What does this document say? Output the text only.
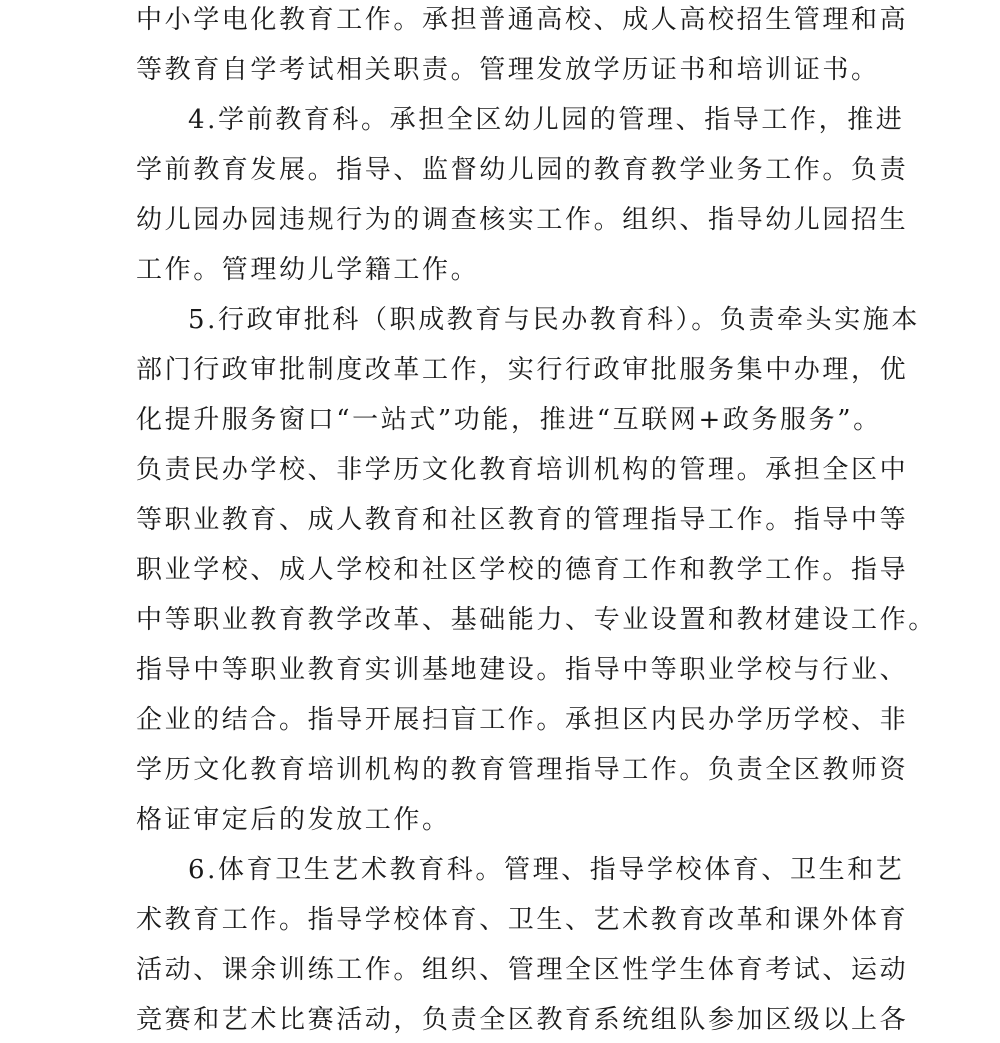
中小学电化教育工作。承担普通高校、成人高校招生管理和高
等教育自学考试相关职责。管理发放学历证书和培训证书。
4.学前教育科。承担全区幼儿园的管理、指导工作，推进
学前教育发展。指导、监督幼儿园的教育教学业务工作。负责
幼儿园办园违规行为的调查核实工作。组织、指导幼儿园招生
工作。管理幼儿学籍工作。
5.行政审批科（职成教育与民办教育科）。负责牵头实施本
部门行政审批制度改革工作，实行行政审批服务集中办理，优
化提升服务窗口“一站式”功能，推进“互联网+政务服务”。
负责民办学校、非学历文化教育培训机构的管理。承担全区中
等职业教育、成人教育和社区教育的管理指导工作。指导中等
职业学校、成人学校和社区学校的德育工作和教学工作。指导
中等职业教育教学改革、基础能力、专业设置和教材建设工作。
指导中等职业教育实训基地建设。指导中等职业学校与行业、
企业的结合。指导开展扫盲工作。承担区内民办学历学校、非
学历文化教育培训机构的教育管理指导工作。负责全区教师资
格证审定后的发放工作。
6.体育卫生艺术教育科。管理、指导学校体育、卫生和艺
术教育工作。指导学校体育、卫生、艺术教育改革和课外体育
活动、课余训练工作。组织、管理全区性学生体育考试、运动
竞赛和艺术比赛活动，负责全区教育系统组队参加区级以上各
